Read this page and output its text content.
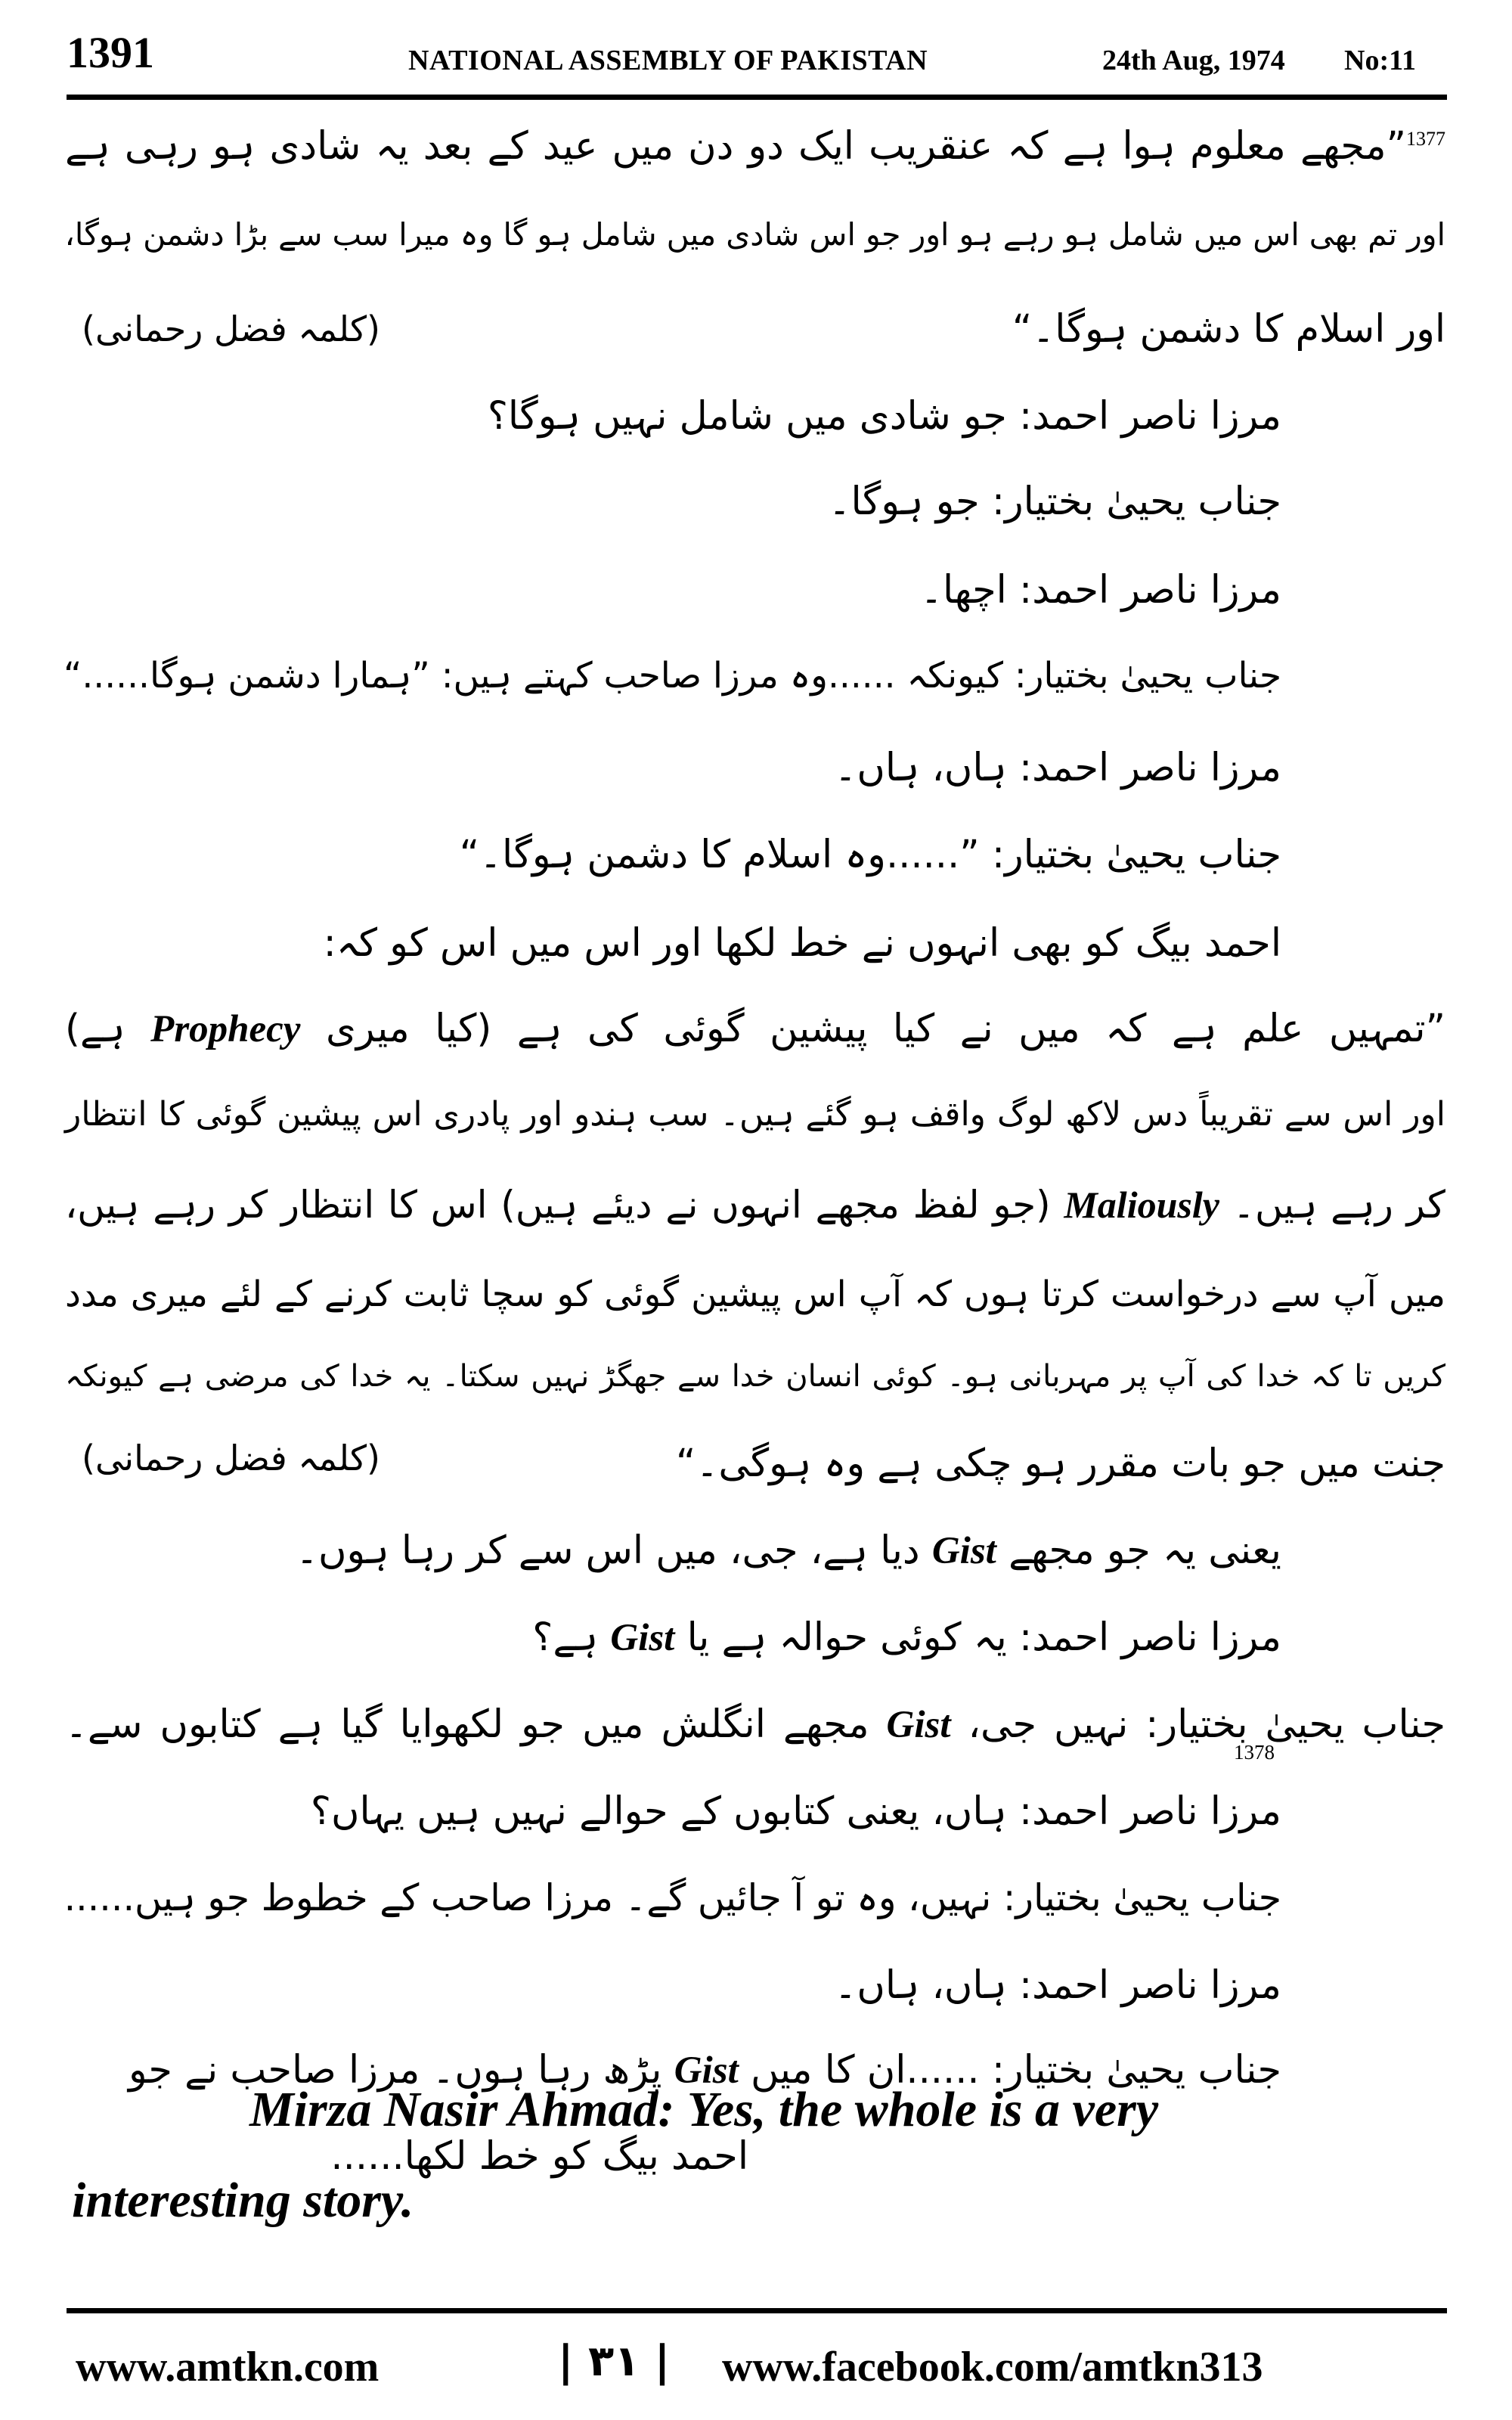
1391	NATIONAL ASSEMBLY OF PAKISTAN	24th Aug, 1974 No:11
$^{1377}$”مجھے معلوم ہوا ہے کہ عنقریب ایک دو دن میں عید کے بعد یہ شادی ہو رہی ہے
اور تم بھی اس میں شامل ہو رہے ہو اور جو اس شادی میں شامل ہو گا وہ میرا سب سے بڑا دشمن ہوگا،
اور اسلام کا دشمن ہوگا۔“
(کلمہ فضل رحمانی)
مرزا ناصر احمد: جو شادی میں شامل نہیں ہوگا؟
جناب یحییٰ بختیار: جو ہوگا۔
مرزا ناصر احمد: اچھا۔
جناب یحییٰ بختیار: کیونکہ ......وہ مرزا صاحب کہتے ہیں: ”ہمارا دشمن ہوگا......“
مرزا ناصر احمد: ہاں، ہاں۔
جناب یحییٰ بختیار: ”......وہ اسلام کا دشمن ہوگا۔“
احمد بیگ کو بھی انہوں نے خط لکھا اور اس میں اس کو کہ:
”تمہیں علم ہے کہ میں نے کیا پیشین گوئی کی ہے (کیا میری Prophecy ہے)
اور اس سے تقریباً دس لاکھ لوگ واقف ہو گئے ہیں۔ سب ہندو اور پادری اس پیشین گوئی کا انتظار
کر رہے ہیں۔ Maliously (جو لفظ مجھے انہوں نے دیئے ہیں) اس کا انتظار کر رہے ہیں،
میں آپ سے درخواست کرتا ہوں کہ آپ اس پیشین گوئی کو سچا ثابت کرنے کے لئے میری مدد
کریں تا کہ خدا کی آپ پر مہربانی ہو۔ کوئی انسان خدا سے جھگڑ نہیں سکتا۔ یہ خدا کی مرضی ہے کیونکہ
جنت میں جو بات مقرر ہو چکی ہے وہ ہوگی۔“
(کلمہ فضل رحمانی)
یعنی یہ جو مجھے Gist دیا ہے، جی، میں اس سے کر رہا ہوں۔
مرزا ناصر احمد: یہ کوئی حوالہ ہے یا Gist ہے؟
جناب یحییٰ بختیار: نہیں جی، Gist مجھے انگلش میں جو لکھوایا گیا ہے کتابوں سے۔
1378
مرزا ناصر احمد: ہاں، یعنی کتابوں کے حوالے نہیں ہیں یہاں؟
جناب یحییٰ بختیار: نہیں، وہ تو آ جائیں گے۔ مرزا صاحب کے خطوط جو ہیں......
مرزا ناصر احمد: ہاں، ہاں۔
جناب یحییٰ بختیار: ......ان کا میں Gist پڑھ رہا ہوں۔ مرزا صاحب نے جو
احمد بیگ کو خط لکھا......
Mirza Nasir Ahmad: Yes, the whole is a very
interesting story.
www.amtkn.com	| ٣١ | www.facebook.com/amtkn313
